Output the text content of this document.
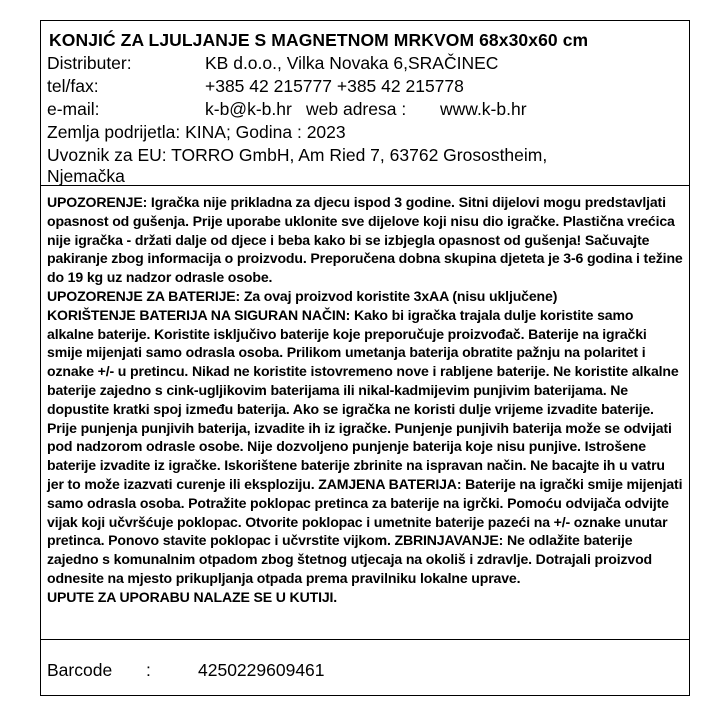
KONJIĆ ZA LJULJANJE S MAGNETNOM MRKVOM 68x30x60 cm
Distributer:	KB d.o.o., Vilka Novaka 6,SRAČINEC
tel/fax:	+385 42 215777 +385 42 215778
e-mail:	k-b@k-b.hr web adresa : www.k-b.hr
Zemlja podrijetla: KINA; Godina : 2023
Uvoznik za EU: TORRO GmbH, Am Ried 7, 63762 Grosostheim,
Njemačka

UPOZORENJE: Igračka nije prikladna za djecu ispod 3 godine. Sitni dijelovi mogu predstavljati opasnost od gušenja. Prije uporabe uklonite sve dijelove koji nisu dio igračke. Plastična vrećica nije igračka - držati dalje od djece i beba kako bi se izbjegla opasnost od gušenja! Sačuvajte pakiranje zbog informacija o proizvodu. Preporučena dobna skupina djeteta je 3-6 godina i težine do 19 kg uz nadzor odrasle osobe.

UPOZORENJE ZA BATERIJE: Za ovaj proizvod koristite 3xAA (nisu uključene)

KORIŠTENJE BATERIJA NA SIGURAN NAČIN: Kako bi igračka trajala dulje koristite samo alkalne baterije. Koristite isključivo baterije koje preporučuje proizvođač. Baterije na igrački smije mijenjati samo odrasla osoba. Prilikom umetanja baterija obratite pažnju na polaritet i oznake +/- u pretincu. Nikad ne koristite istovremeno nove i rabljene baterije. Ne koristite alkalne baterije zajedno s cink-ugljikovim baterijama ili nikal-kadmijevim punjivim baterijama. Ne dopustite kratki spoj između baterija. Ako se igračka ne koristi dulje vrijeme izvadite baterije. Prije punjenja punjivih baterija, izvadite ih iz igračke. Punjenje punjivih baterija može se odvijati pod nadzorom odrasle osobe. Nije dozvoljeno punjenje baterija koje nisu punjive. Istrošene baterije izvadite iz igračke. Iskorištene baterije zbrinite na ispravan način. Ne bacajte ih u vatru jer to može izazvati curenje ili eksploziju. ZAMJENA BATERIJA: Baterije na igrački smije mijenjati samo odrasla osoba. Potražite poklopac pretinca za baterije na igrčki. Pomoću odvijača odvijte vijak koji učvršćuje poklopac. Otvorite poklopac i umetnite baterije pazeći na +/- oznake unutar pretinca. Ponovo stavite poklopac i učvrstite vijkom. ZBRINJAVANJE: Ne odlažite baterije zajedno s komunalnim otpadom zbog štetnog utjecaja na okoliš i zdravlje. Dotrajali proizvod odnesite na mjesto prikupljanja otpada prema pravilniku lokalne uprave.

UPUTE ZA UPORABU NALAZE SE U KUTIJI.

Barcode :	4250229609461
